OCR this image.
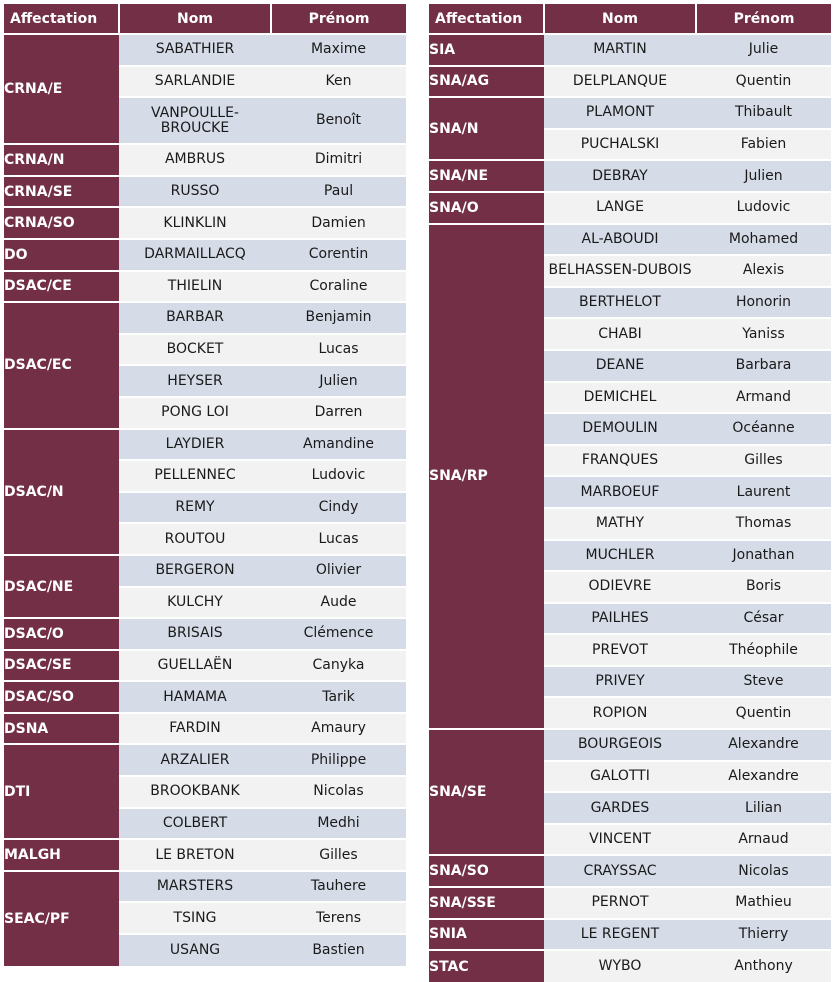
Affectation	Nom	Prénom
CRNA/E	SABATHIER	Maxime
	SARLANDIE	Ken
	VANPOULLE-
BROUCKE	Benoît
CRNA/N	AMBRUS	Dimitri
CRNA/SE	RUSSO	Paul
CRNA/SO	KLINKLIN	Damien
DO	DARMAILLACQ	Corentin
DSAC/CE	THIELIN	Coraline
DSAC/EC	BARBAR	Benjamin
	BOCKET	Lucas
	HEYSER	Julien
	PONG LOI	Darren
DSAC/N	LAYDIER	Amandine
	PELLENNEC	Ludovic
	REMY	Cindy
	ROUTOU	Lucas
DSAC/NE	BERGERON	Olivier
	KULCHY	Aude
DSAC/O	BRISAIS	Clémence
DSAC/SE	GUELLAËN	Canyka
DSAC/SO	HAMAMA	Tarik
DSNA	FARDIN	Amaury
DTI	ARZALIER	Philippe
	BROOKBANK	Nicolas
	COLBERT	Medhi
MALGH	LE BRETON	Gilles
SEAC/PF	MARSTERS	Tauhere
	TSING	Terens
	USANG	Bastien
Affectation	Nom	Prénom
SIA	MARTIN	Julie
SNA/AG	DELPLANQUE	Quentin
SNA/N	PLAMONT	Thibault
	PUCHALSKI	Fabien
SNA/NE	DEBRAY	Julien
SNA/O	LANGE	Ludovic
SNA/RP	AL-ABOUDI	Mohamed
	BELHASSEN-DUBOIS	Alexis
	BERTHELOT	Honorin
	CHABI	Yaniss
	DEANE	Barbara
	DEMICHEL	Armand
	DEMOULIN	Océanne
	FRANQUES	Gilles
	MARBOEUF	Laurent
	MATHY	Thomas
	MUCHLER	Jonathan
	ODIEVRE	Boris
	PAILHES	César
	PREVOT	Théophile
	PRIVEY	Steve
	ROPION	Quentin
SNA/SE	BOURGEOIS	Alexandre
	GALOTTI	Alexandre
	GARDES	Lilian
	VINCENT	Arnaud
SNA/SO	CRAYSSAC	Nicolas
SNA/SSE	PERNOT	Mathieu
SNIA	LE REGENT	Thierry
STAC	WYBO	Anthony
